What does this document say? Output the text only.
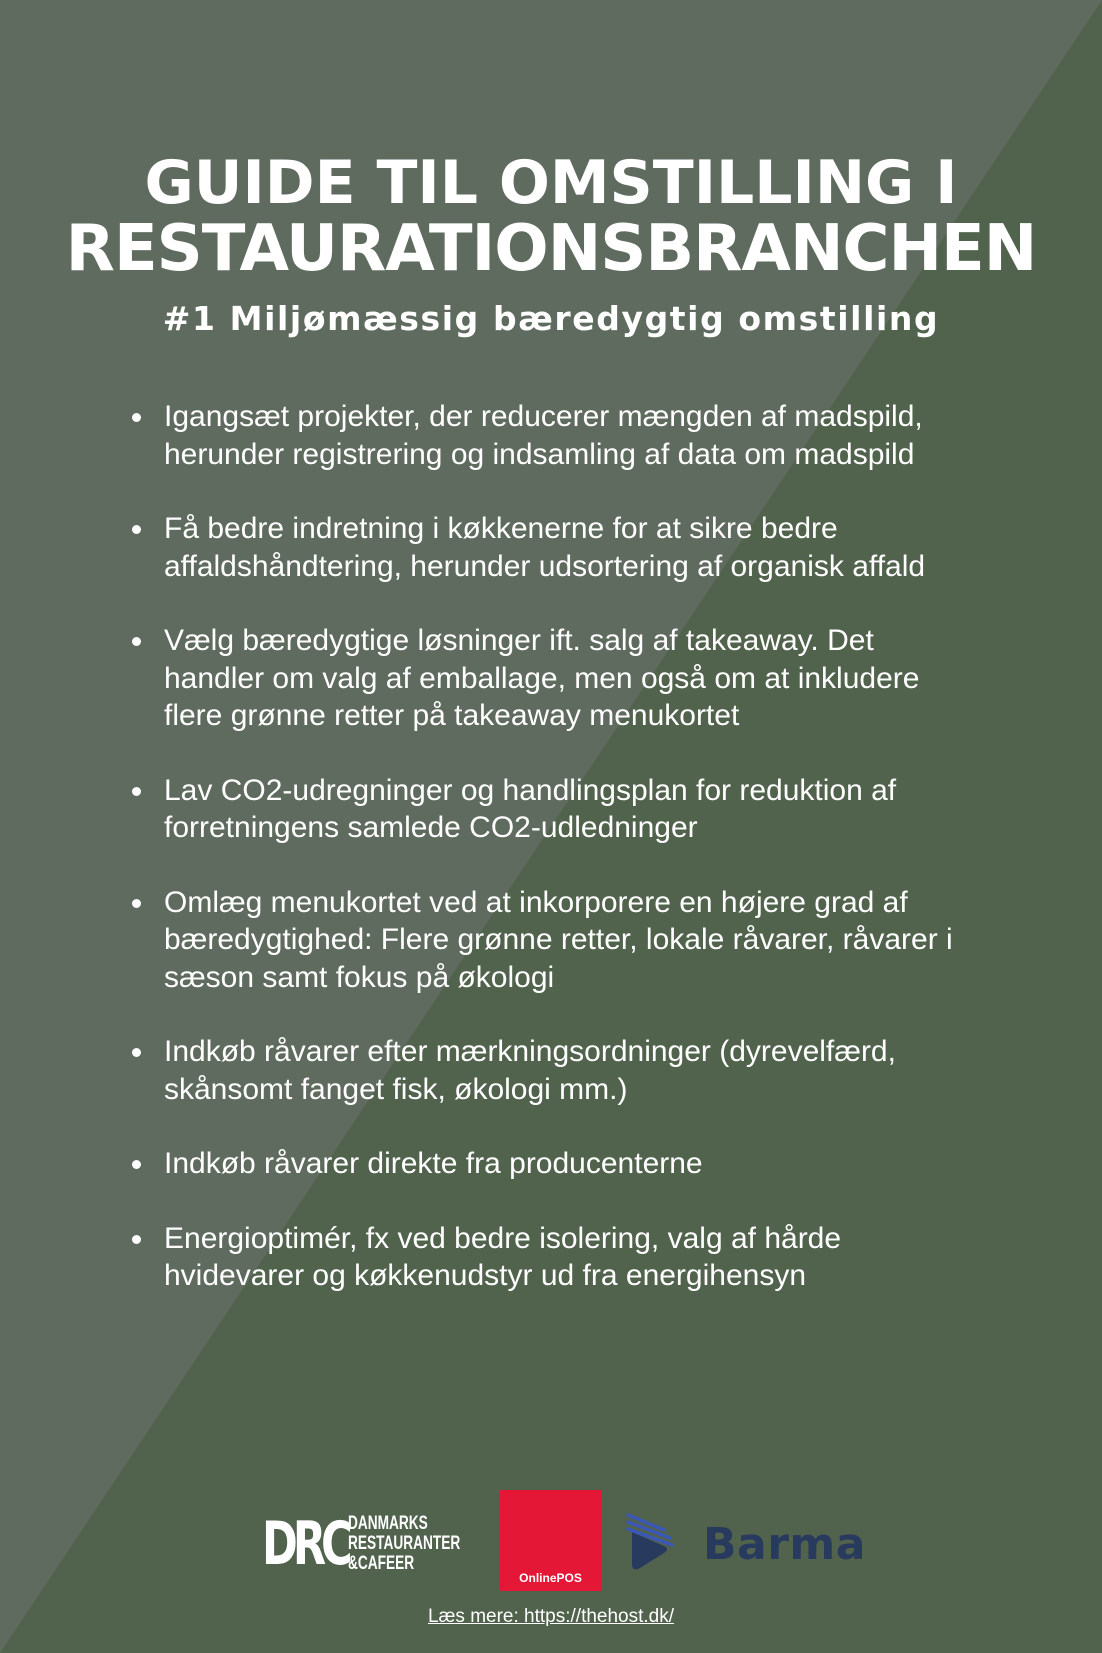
GUIDE TIL OMSTILLING I
RESTAURATIONSBRANCHEN
#1 Miljømæssig bæredygtig omstilling
Igangsæt projekter, der reducerer mængden af madspild,
herunder registrering og indsamling af data om madspild
Få bedre indretning i køkkenerne for at sikre bedre
affaldshåndtering, herunder udsortering af organisk affald
Vælg bæredygtige løsninger ift. salg af takeaway. Det
handler om valg af emballage, men også om at inkludere
flere grønne retter på takeaway menukortet
Lav CO2-udregninger og handlingsplan for reduktion af
forretningens samlede CO2-udledninger
Omlæg menukortet ved at inkorporere en højere grad af
bæredygtighed: Flere grønne retter, lokale råvarer, råvarer i
sæson samt fokus på økologi
Indkøb råvarer efter mærkningsordninger (dyrevelfærd,
skånsomt fanget fisk, økologi mm.)
Indkøb råvarer direkte fra producenterne
Energioptimér, fx ved bedre isolering, valg af hårde
hvidevarer og køkkenudstyr ud fra energihensyn
DRC DANMARKS
RESTAURANTER
&CAFEER
OnlinePOS
Barma
Læs mere: https://thehost.dk/
